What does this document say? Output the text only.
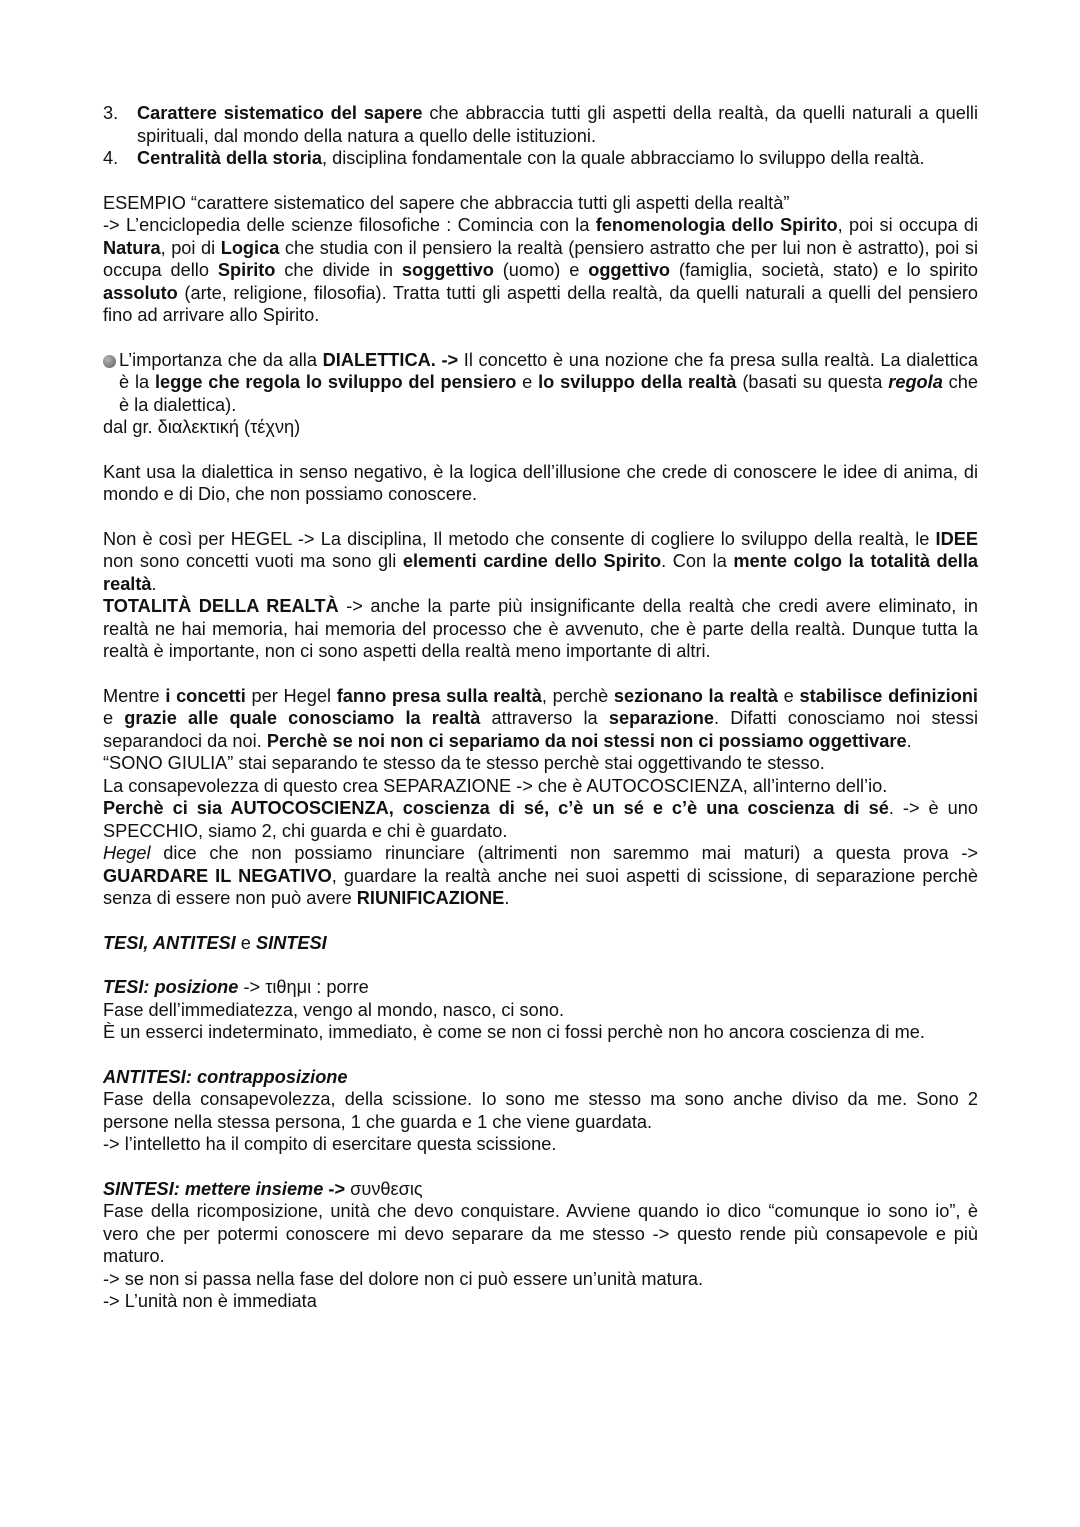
3. Carattere sistematico del sapere che abbraccia tutti gli aspetti della realtà, da quelli naturali a quelli spirituali, dal mondo della natura a quello delle istituzioni.
4. Centralità della storia, disciplina fondamentale con la quale abbracciamo lo sviluppo della realtà.

ESEMPIO “carattere sistematico del sapere che abbraccia tutti gli aspetti della realtà”

-> L’enciclopedia delle scienze filosofiche : Comincia con la fenomenologia dello Spirito, poi si occupa di Natura, poi di Logica che studia con il pensiero la realtà (pensiero astratto che per lui non è astratto), poi si occupa dello Spirito che divide in soggettivo (uomo) e oggettivo (famiglia, società, stato) e lo spirito assoluto (arte, religione, filosofia). Tratta tutti gli aspetti della realtà, da quelli naturali a quelli del pensiero fino ad arrivare allo Spirito.

L’importanza che da alla DIALETTICA. -> Il concetto è una nozione che fa presa sulla realtà. La dialettica è la legge che regola lo sviluppo del pensiero e lo sviluppo della realtà (basati su questa regola che è la dialettica).

dal gr. διαλεκτική (τέχνη)

Kant usa la dialettica in senso negativo, è la logica dell’illusione che crede di conoscere le idee di anima, di mondo e di Dio, che non possiamo conoscere.

Non è così per HEGEL -> La disciplina, Il metodo che consente di cogliere lo sviluppo della realtà, le IDEE non sono concetti vuoti ma sono gli elementi cardine dello Spirito. Con la mente colgo la totalità della realtà.

TOTALITÀ DELLA REALTÀ -> anche la parte più insignificante della realtà che credi avere eliminato, in realtà ne hai memoria, hai memoria del processo che è avvenuto, che è parte della realtà. Dunque tutta la realtà è importante, non ci sono aspetti della realtà meno importante di altri.

Mentre i concetti per Hegel fanno presa sulla realtà, perchè sezionano la realtà e stabilisce definizioni e grazie alle quale conosciamo la realtà attraverso la separazione. Difatti conosciamo noi stessi separandoci da noi. Perchè se noi non ci separiamo da noi stessi non ci possiamo oggettivare.

“SONO GIULIA” stai separando te stesso da te stesso perchè stai oggettivando te stesso.

La consapevolezza di questo crea SEPARAZIONE -> che è AUTOCOSCIENZA, all’interno dell’io.

Perchè ci sia AUTOCOSCIENZA, coscienza di sé, c’è un sé e c’è una coscienza di sé. -> è uno SPECCHIO, siamo 2, chi guarda e chi è guardato.

Hegel dice che non possiamo rinunciare (altrimenti non saremmo mai maturi) a questa prova -> GUARDARE IL NEGATIVO, guardare la realtà anche nei suoi aspetti di scissione, di separazione perchè senza di essere non può avere RIUNIFICAZIONE.

TESI, ANTITESI e SINTESI

TESI: posizione -> τιθημι : porre

Fase dell’immediatezza, vengo al mondo, nasco, ci sono.

È un esserci indeterminato, immediato, è come se non ci fossi perchè non ho ancora coscienza di me.

ANTITESI: contrapposizione

Fase della consapevolezza, della scissione. Io sono me stesso ma sono anche diviso da me. Sono 2 persone nella stessa persona, 1 che guarda e 1 che viene guardata.

-> l’intelletto ha il compito di esercitare questa scissione.

SINTESI: mettere insieme -> συνθεσις

Fase della ricomposizione, unità che devo conquistare. Avviene quando io dico “comunque io sono io”, è vero che per potermi conoscere mi devo separare da me stesso -> questo rende più consapevole e più maturo.

-> se non si passa nella fase del dolore non ci può essere un’unità matura.

-> L’unità non è immediata
